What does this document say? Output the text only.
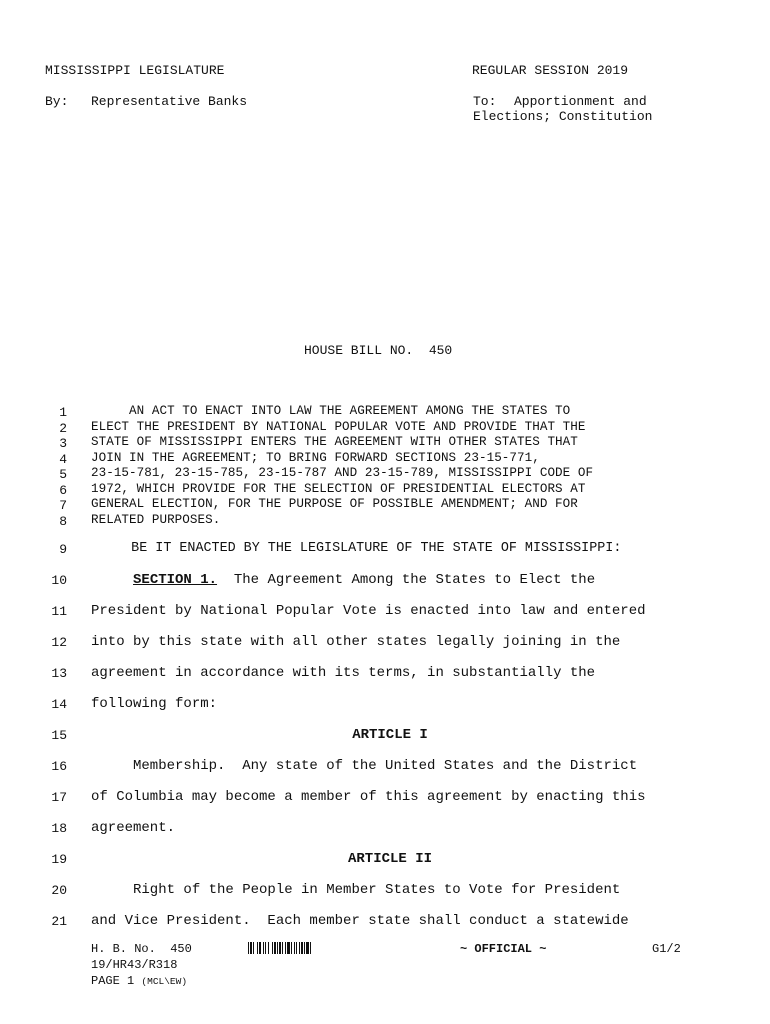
MISSISSIPPI LEGISLATURE	REGULAR SESSION 2019
By: Representative Banks	To: Apportionment and
Elections; Constitution
HOUSE BILL NO.  450
1 AN ACT TO ENACT INTO LAW THE AGREEMENT AMONG THE STATES TO
2 ELECT THE PRESIDENT BY NATIONAL POPULAR VOTE AND PROVIDE THAT THE
3 STATE OF MISSISSIPPI ENTERS THE AGREEMENT WITH OTHER STATES THAT
4 JOIN IN THE AGREEMENT; TO BRING FORWARD SECTIONS 23-15-771,
5 23-15-781, 23-15-785, 23-15-787 AND 23-15-789, MISSISSIPPI CODE OF
6 1972, WHICH PROVIDE FOR THE SELECTION OF PRESIDENTIAL ELECTORS AT
7 GENERAL ELECTION, FOR THE PURPOSE OF POSSIBLE AMENDMENT; AND FOR
8 RELATED PURPOSES.
9 BE IT ENACTED BY THE LEGISLATURE OF THE STATE OF MISSISSIPPI:
10	SECTION 1.  The Agreement Among the States to Elect the
11 President by National Popular Vote is enacted into law and entered
12 into by this state with all other states legally joining in the
13 agreement in accordance with its terms, in substantially the
14 following form:
15	ARTICLE I
16 Membership.  Any state of the United States and the District
17 of Columbia may become a member of this agreement by enacting this
18 agreement.
19	ARTICLE II
20 Right of the People in Member States to Vote for President
21 and Vice President.  Each member state shall conduct a statewide
H. B. No.  450	~ OFFICIAL ~	G1/2
19/HR43/R318
PAGE 1 (MCL\EW)
